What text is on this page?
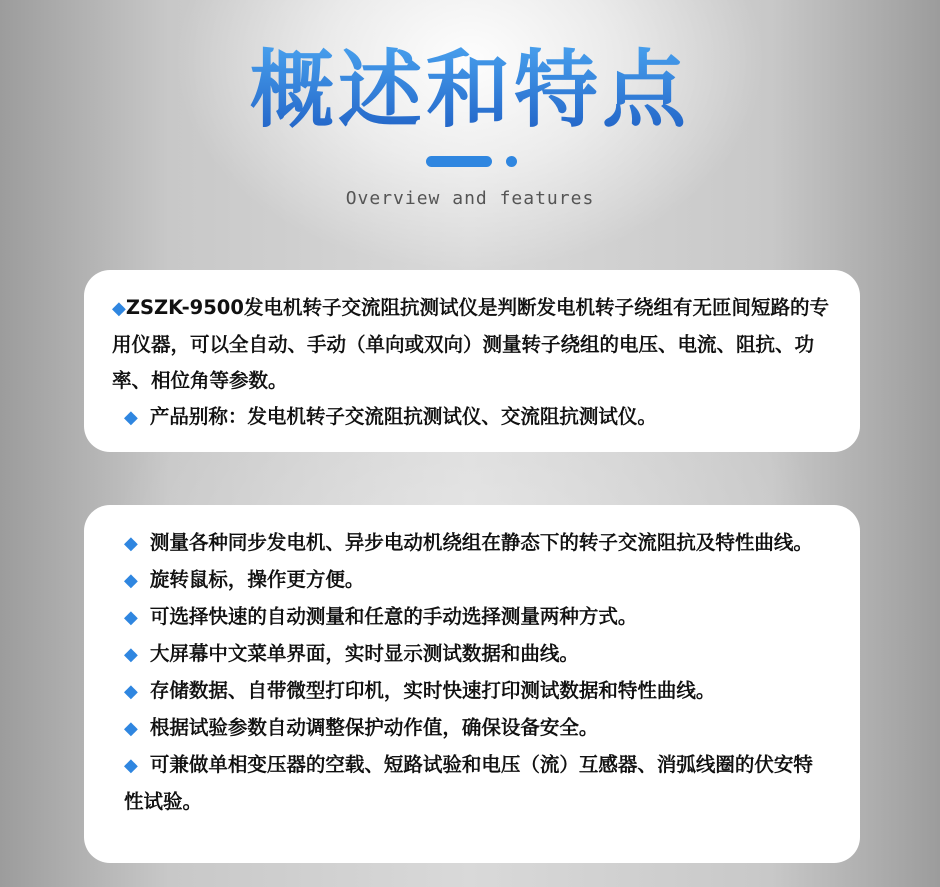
概述和特点
Overview and features
◆ZSZK-9500发电机转子交流阻抗测试仪是判断发电机转子绕组有无匝间短路的专用仪器，可以全自动、手动（单向或双向）测量转子绕组的电压、电流、阻抗、功率、相位角等参数。
◆ 产品别称：发电机转子交流阻抗测试仪、交流阻抗测试仪。
◆ 测量各种同步发电机、异步电动机绕组在静态下的转子交流阻抗及特性曲线。
◆ 旋转鼠标，操作更方便。
◆ 可选择快速的自动测量和任意的手动选择测量两种方式。
◆ 大屏幕中文菜单界面，实时显示测试数据和曲线。
◆ 存储数据、自带微型打印机，实时快速打印测试数据和特性曲线。
◆ 根据试验参数自动调整保护动作值，确保设备安全。
◆ 可兼做单相变压器的空载、短路试验和电压（流）互感器、消弧线圈的伏安特性试验。
